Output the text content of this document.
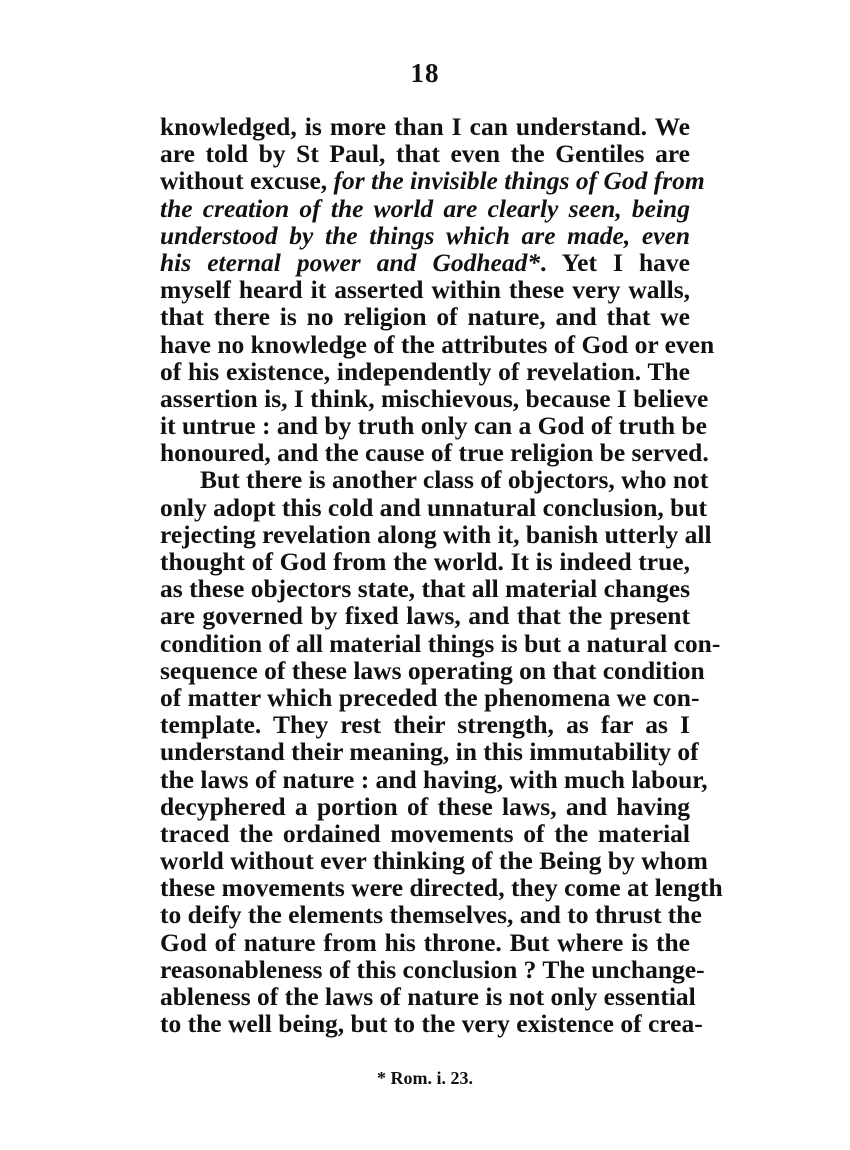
18
knowledged, is more than I can understand. We
are told by St Paul, that even the Gentiles are
without excuse, for the invisible things of God from
the creation of the world are clearly seen, being
understood by the things which are made, even
his eternal power and Godhead*. Yet I have
myself heard it asserted within these very walls,
that there is no religion of nature, and that we
have no knowledge of the attributes of God or even
of his existence, independently of revelation. The
assertion is, I think, mischievous, because I believe
it untrue : and by truth only can a God of truth be
honoured, and the cause of true religion be served.
But there is another class of objectors, who not
only adopt this cold and unnatural conclusion, but
rejecting revelation along with it, banish utterly all
thought of God from the world. It is indeed true,
as these objectors state, that all material changes
are governed by fixed laws, and that the present
condition of all material things is but a natural con-
sequence of these laws operating on that condition
of matter which preceded the phenomena we con-
template. They rest their strength, as far as I
understand their meaning, in this immutability of
the laws of nature : and having, with much labour,
decyphered a portion of these laws, and having
traced the ordained movements of the material
world without ever thinking of the Being by whom
these movements were directed, they come at length
to deify the elements themselves, and to thrust the
God of nature from his throne. But where is the
reasonableness of this conclusion ? The unchange-
ableness of the laws of nature is not only essential
to the well being, but to the very existence of crea-
* Rom. i. 23.
